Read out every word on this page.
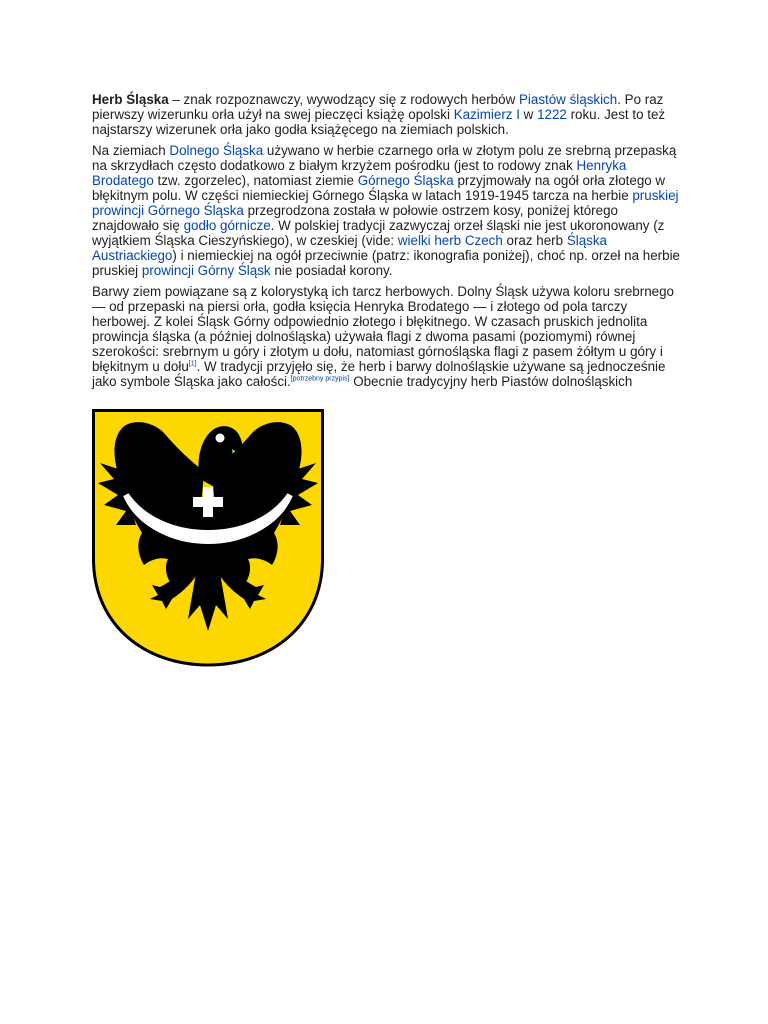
Herb Śląska – znak rozpoznawczy, wywodzący się z rodowych herbów Piastów śląskich. Po raz pierwszy wizerunku orła użył na swej pieczęci książę opolski Kazimierz I w 1222 roku. Jest to też najstarszy wizerunek orła jako godła książęcego na ziemiach polskich.

Na ziemiach Dolnego Śląska używano w herbie czarnego orła w złotym polu ze srebrną przepaską na skrzydłach często dodatkowo z białym krzyżem pośrodku (jest to rodowy znak Henryka Brodatego tzw. zgorzelec), natomiast ziemie Górnego Śląska przyjmowały na ogół orła złotego w błękitnym polu. W części niemieckiej Górnego Śląska w latach 1919-1945 tarcza na herbie pruskiej prowincji Górnego Śląska przegrodzona została w połowie ostrzem kosy, poniżej którego znajdowało się godło górnicze. W polskiej tradycji zazwyczaj orzeł śląski nie jest ukoronowany (z wyjątkiem Śląska Cieszyńskiego), w czeskiej (vide: wielki herb Czech oraz herb Śląska Austriackiego) i niemieckiej na ogół przeciwnie (patrz: ikonografia poniżej), choć np. orzeł na herbie pruskiej prowincji Górny Śląsk nie posiadał korony.

Barwy ziem powiązane są z kolorystyką ich tarcz herbowych. Dolny Śląsk używa koloru srebrnego — od przepaski na piersi orła, godła księcia Henryka Brodatego — i złotego od pola tarczy herbowej. Z kolei Śląsk Górny odpowiednio złotego i błękitnego. W czasach pruskich jednolita prowincja śląska (a później dolnośląska) używała flagi z dwoma pasami (poziomymi) równej szerokości: srebrnym u góry i złotym u dołu, natomiast górnośląska flagi z pasem żółtym u góry i błękitnym u dołu[1]. W tradycji przyjęło się, że herb i barwy dolnośląskie używane są jednocześnie jako symbole Śląska jako całości.[potrzebny przypis] Obecnie tradycyjny herb Piastów dolnośląskich
